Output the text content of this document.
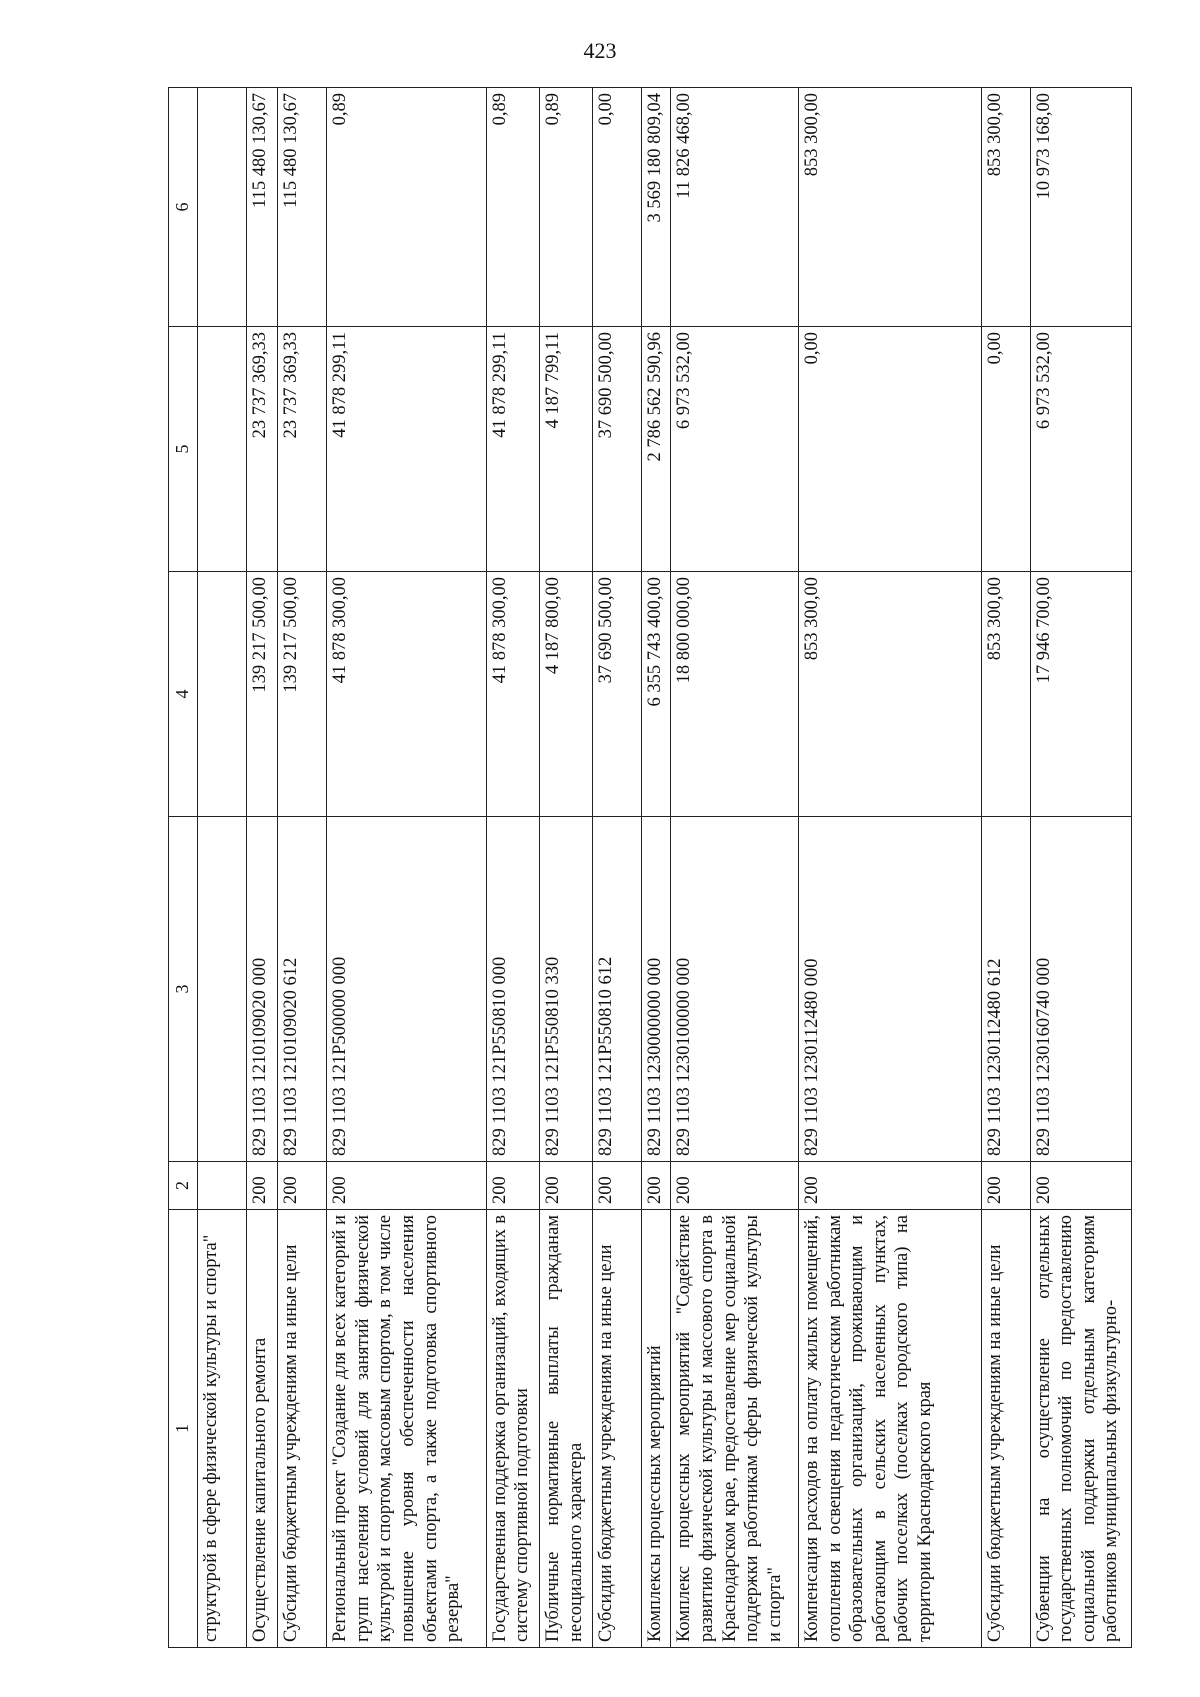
423
1	2	3	4	5	6
структурой в сфере физической культуры и спорта"					
Осуществление капитального ремонта	200	829 1103 1210109020 000	139 217 500,00	23 737 369,33	115 480 130,67
Субсидии бюджетным учреждениям на иные цели	200	829 1103 1210109020 612	139 217 500,00	23 737 369,33	115 480 130,67
Региональный проект "Создание для всех категорий и групп населения условий для занятий физической культурой и спортом, массовым спортом, в том числе повышение уровня обеспеченности населения объектами спорта, а также подготовка спортивного резерва"	200	829 1103 121P500000 000	41 878 300,00	41 878 299,11	0,89
Государственная поддержка организаций, входящих в систему спортивной подготовки	200	829 1103 121P550810 000	41 878 300,00	41 878 299,11	0,89
Публичные нормативные выплаты гражданам несоциального характера	200	829 1103 121P550810 330	4 187 800,00	4 187 799,11	0,89
Субсидии бюджетным учреждениям на иные цели	200	829 1103 121P550810 612	37 690 500,00	37 690 500,00	0,00
Комплексы процессных мероприятий	200	829 1103 1230000000 000	6 355 743 400,00	2 786 562 590,96	3 569 180 809,04
Комплекс процессных мероприятий "Содействие развитию физической культуры и массового спорта в Краснодарском крае, предоставление мер социальной поддержки работникам сферы физической культуры и спорта"	200	829 1103 1230100000 000	18 800 000,00	6 973 532,00	11 826 468,00
Компенсация расходов на оплату жилых помещений, отопления и освещения педагогическим работникам образовательных организаций, проживающим и работающим в сельских населенных пунктах, рабочих поселках (поселках городского типа) на территории Краснодарского края	200	829 1103 1230112480 000	853 300,00	0,00	853 300,00
Субсидии бюджетным учреждениям на иные цели	200	829 1103 1230112480 612	853 300,00	0,00	853 300,00
Субвенции на осуществление отдельных государственных полномочий по предоставлению социальной поддержки отдельным категориям работников муниципальных физкультурно-	200	829 1103 1230160740 000	17 946 700,00	6 973 532,00	10 973 168,00
